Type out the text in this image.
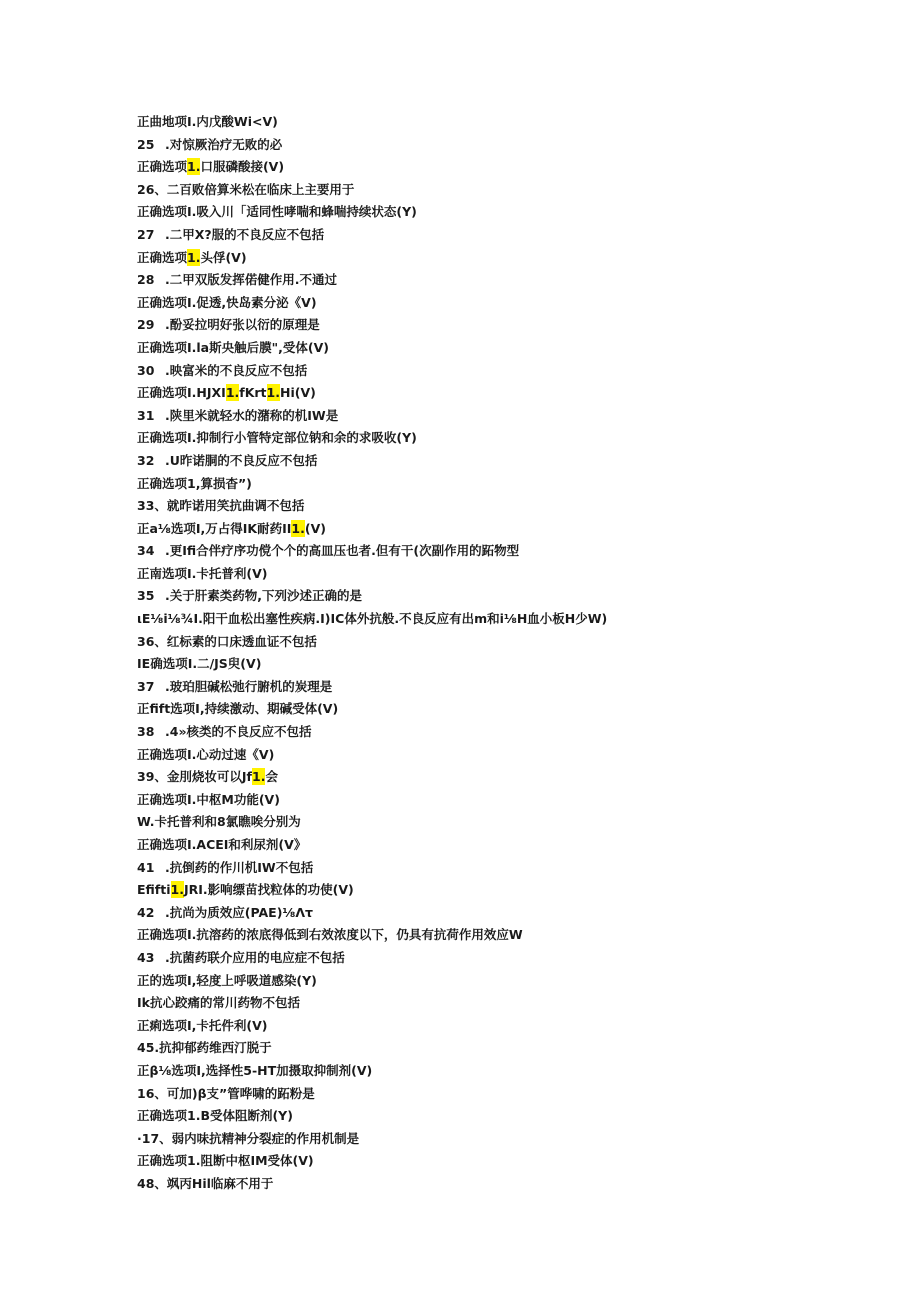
正曲地项I.内戊酸Wi<V)
25 .对惊厥治疗无败的必
正确选项1.口服磷酸接(V)
26、二百败倍算米松在临床上主要用于
正确选项I.吸入川「适同性哮喘和蜂喘持续状态(Y)
27 .二甲X?服的不良反应不包括
正确选项1.头俘(V)
28 .二甲双版发挥偌健作用.不通过
正确选项I.促透,快岛素分泌《V)
29 .酚妥拉明好张以衍的原理是
正确选项I.la斯央触后膜",受体(V)
30 .映富米的不良反应不包括
正确选项I.HJXI1.fKrt1.Hi(V)
31 .陕里米就轻水的潴称的机IW是
正确选项I.抑制行小管特定部位钠和余的求吸收(Y)
32 .U昨诺胴的不良反应不包括
正确选项1,算损杳”)
33、就昨诺用笑抗曲调不包括
正a⅛选项I,万占得IK耐药II1.(V)
34 .更Ifi合伴疗序功傥个个的高皿压也者.但有干(次副作用的跖物型
正南选项I.卡托普利(V)
35 .关于肝素类药物,下列沙述正确的是
ιE⅛i⅛¾I.阳干血松出塞性疾病.I)IC体外抗般.不良反应有出m和i⅛H血小板H少W)
36、红标素的口床透血证不包括
IE确选项I.二/JS臾(V)
37 .玻珀胆碱松弛行腑机的炭理是
正fift选项I,持续激动、期碱受体(V)
38 .4»核类的不良反应不包括
正确选项I.心动过速《V)
39、金刖烧妆可以Jf1.会
正确选项I.中枢M功能(V)
W.卡托普利和8氯瞧唉分别为
正确选项I.ACEI和利尿剂(V》
41 .抗倒药的作川机IW不包括
Efifti1.JRI.影响缥苗找粒体的功使(V)
42 .抗尚为质效应(PAE)⅛Λτ
正确选项I.抗溶药的浓底得低到右效浓度以下，仍具有抗荷作用效应W
43 .抗菌药联介应用的电应症不包括
正的选项I,轻度上呼吸道感染(Y)
Ik抗心跤痛的常川药物不包括
正痢选项I,卡托件利(V)
45.抗抑郁药维西汀脱于
正β⅛选项I,选择性5-HT加摄取抑制剂(V)
16、可加)β支”管哗啸的跖粉是
正确选项1.B受体阻断剂(Y)
·17、弱内味抗精神分裂症的作用机制是
正确选项1.阻断中枢IM受体(V)
48、飒丙Hil临麻不用于
